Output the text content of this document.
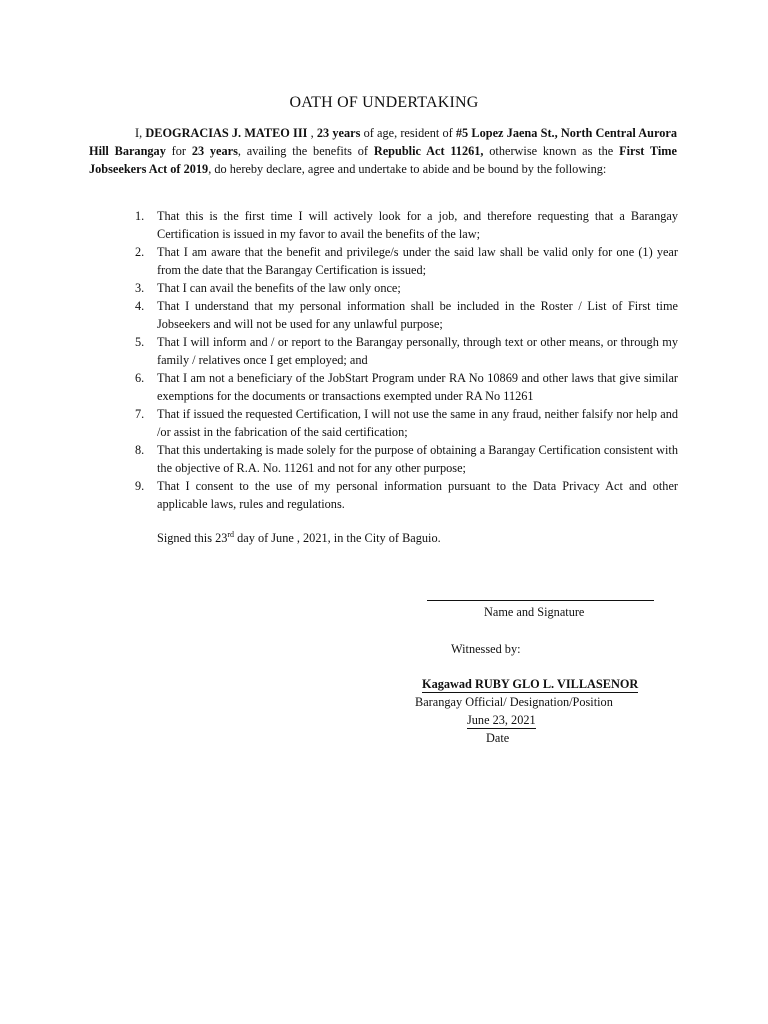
OATH OF UNDERTAKING

I, DEOGRACIAS J. MATEO III , 23 years of age, resident of #5 Lopez Jaena St., North Central Aurora Hill Barangay for 23 years, availing the benefits of Republic Act 11261, otherwise known as the First Time Jobseekers Act of 2019, do hereby declare, agree and undertake to abide and be bound by the following:

1. That this is the first time I will actively look for a job, and therefore requesting that a Barangay Certification is issued in my favor to avail the benefits of the law;
2. That I am aware that the benefit and privilege/s under the said law shall be valid only for one (1) year from the date that the Barangay Certification is issued;
3. That I can avail the benefits of the law only once;
4. That I understand that my personal information shall be included in the Roster / List of First time Jobseekers and will not be used for any unlawful purpose;
5. That I will inform and / or report to the Barangay personally, through text or other means, or through my family / relatives once I get employed; and
6. That I am not a beneficiary of the JobStart Program under RA No 10869 and other laws that give similar exemptions for the documents or transactions exempted under RA No 11261
7. That if issued the requested Certification, I will not use the same in any fraud, neither falsify nor help and /or assist in the fabrication of the said certification;
8. That this undertaking is made solely for the purpose of obtaining a Barangay Certification consistent with the objective of R.A. No. 11261 and not for any other purpose;
9. That I consent to the use of my personal information pursuant to the Data Privacy Act and other applicable laws, rules and regulations.
Signed this 23rd day of June , 2021, in the City of Baguio.
Name and Signature
Witnessed by:
Kagawad RUBY GLO L. VILLASENOR
Barangay Official/ Designation/Position
June 23, 2021
Date
